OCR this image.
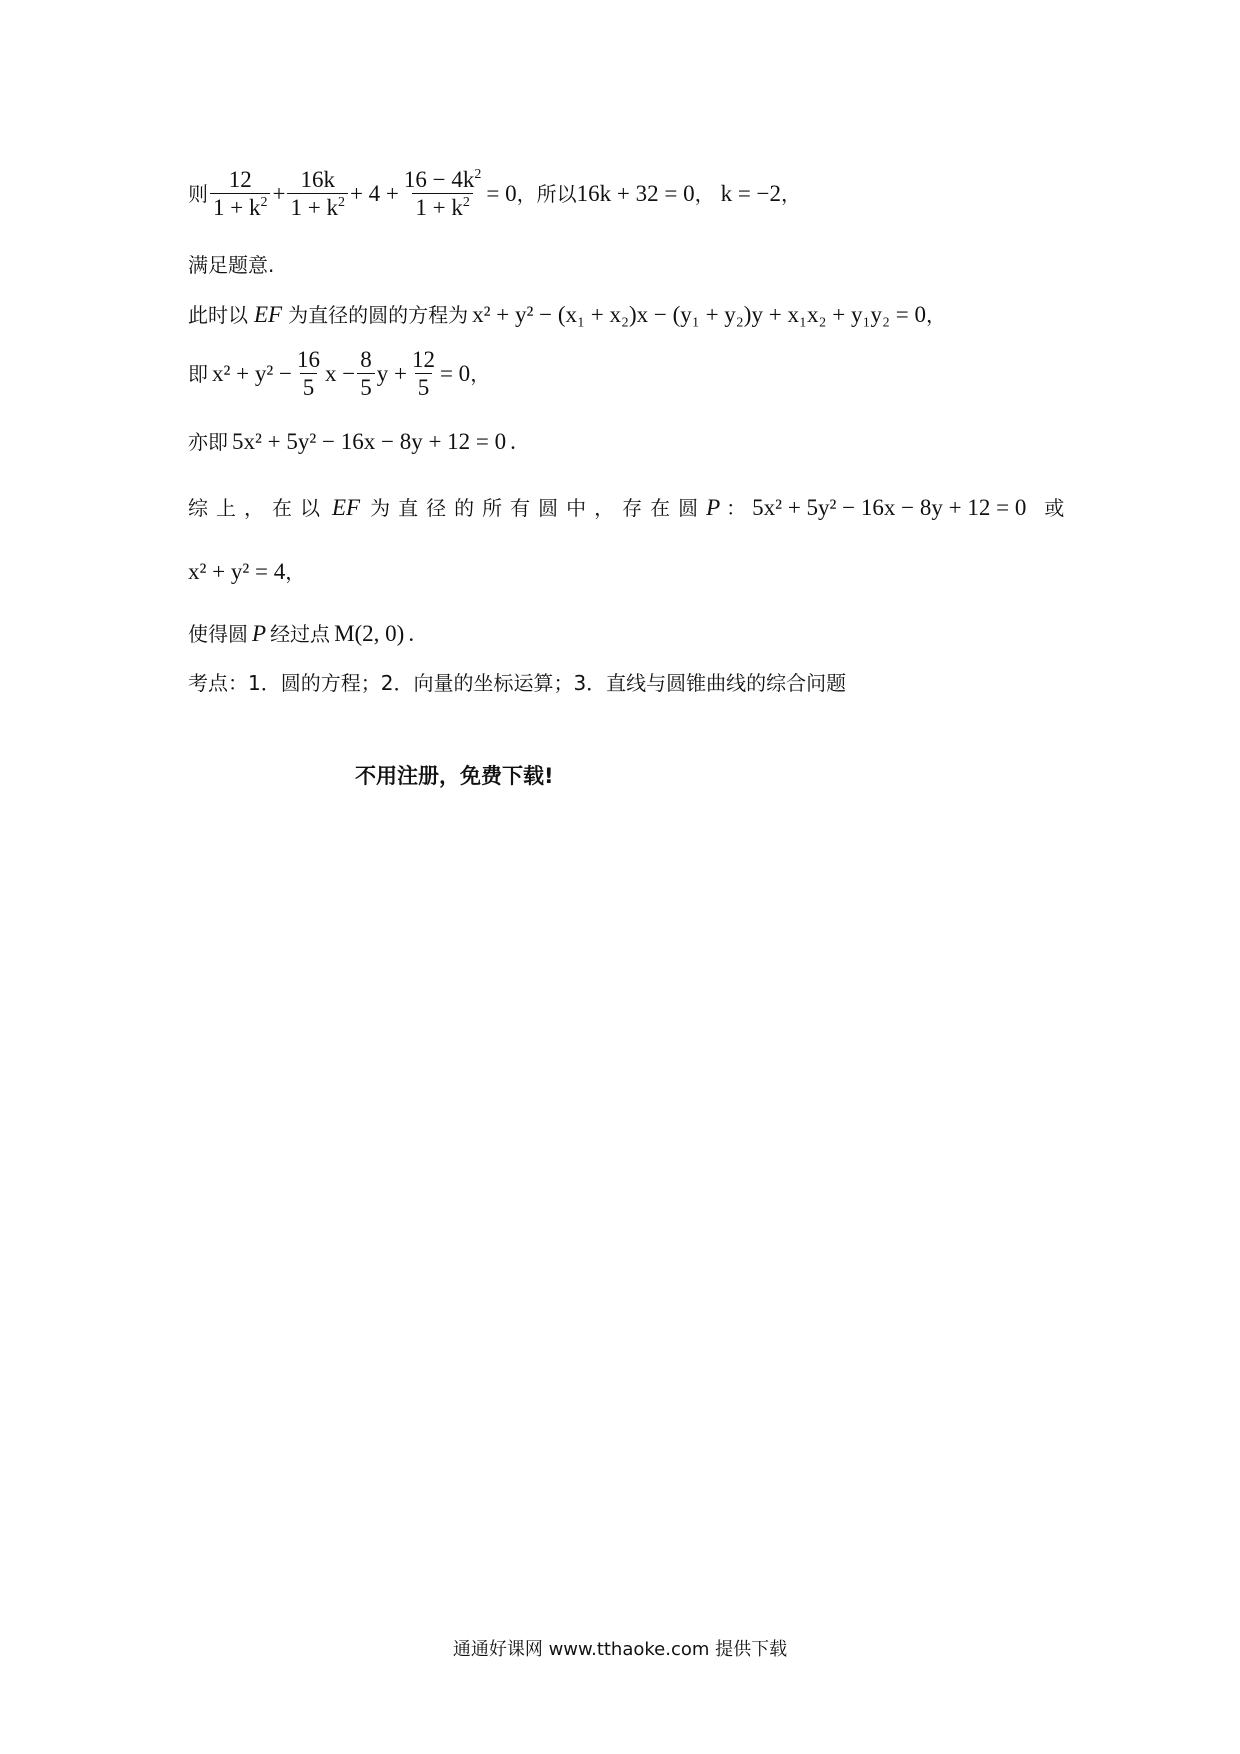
则 $\frac{12}{1 + k^2} + \frac{16k}{1 + k^2} + 4 + \frac{16 - 4k^2}{1 + k^2} = 0$ ，所以 16k + 32 = 0 ， k = −2 ，
满足题意.
此时以 EF 为直径的圆的方程为 x² + y² − (x₁ + x₂)x − (y₁ + y₂)y + x₁x₂ + y₁y₂ = 0 ，
即 $x^2 + y^2 - \frac{16}{5}$ $x - \frac{8}{5}$ $y + \frac{12}{5} = 0$ ，
亦即 5x² + 5y² − 16x − 8y + 12 = 0 .
综上，在以 EF 为直径的所有圆中，存在圆 P ： 5x² + 5y² − 16x − 8y + 12 = 0 或
x² + y² = 4 ，
使得圆 P 经过点 M(2, 0) .
考点：1．圆的方程；2．向量的坐标运算；3．直线与圆锥曲线的综合问题
不用注册，免费下载!
通通好课网 www.tthaoke.com 提供下载
